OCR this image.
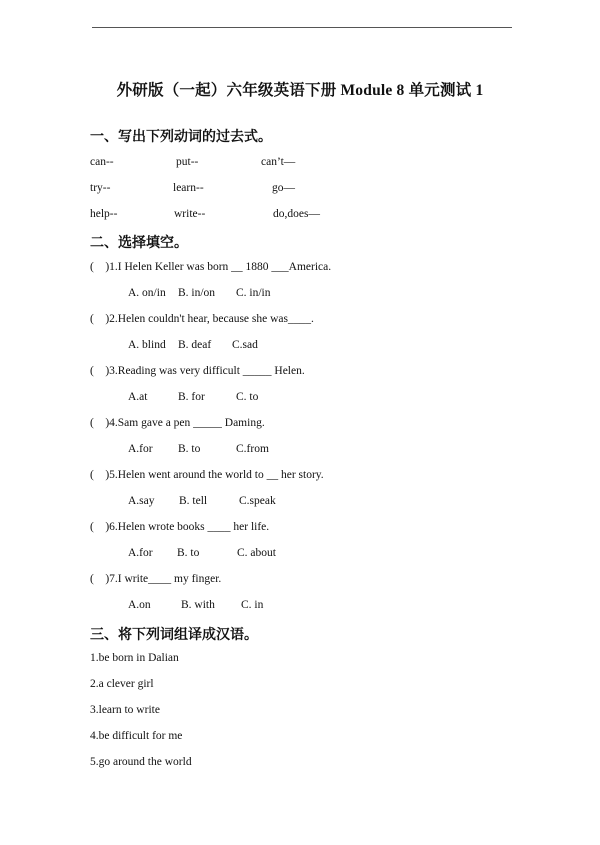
外研版（一起）六年级英语下册 Module 8 单元测试 1
一、写出下列动词的过去式。
can--	put--	can’t—
try--	learn--	go—
help--	write--	do,does—
二、选择填空。
(    )1.I Helen Keller was born __ 1880 ___America.
A. on/in B. in/on C. in/in
(    )2.Helen couldn't hear, because she was____.
A. blind B. deaf C.sad
(    )3.Reading was very difficult _____ Helen.
A.at	B. for	C. to
(    )4.Sam gave a pen _____ Daming.
A.for B. to	C.from
(    )5.Helen went around the world to __ her story.
A.say B. tell	C.speak
(    )6.Helen wrote books ____ her life.
A.for B. to	C. about
(    )7.I write____ my finger.
A.on	B. with C. in
三、将下列词组译成汉语。
1.be born in Dalian
2.a clever girl
3.learn to write
4.be difficult for me
5.go around the world
